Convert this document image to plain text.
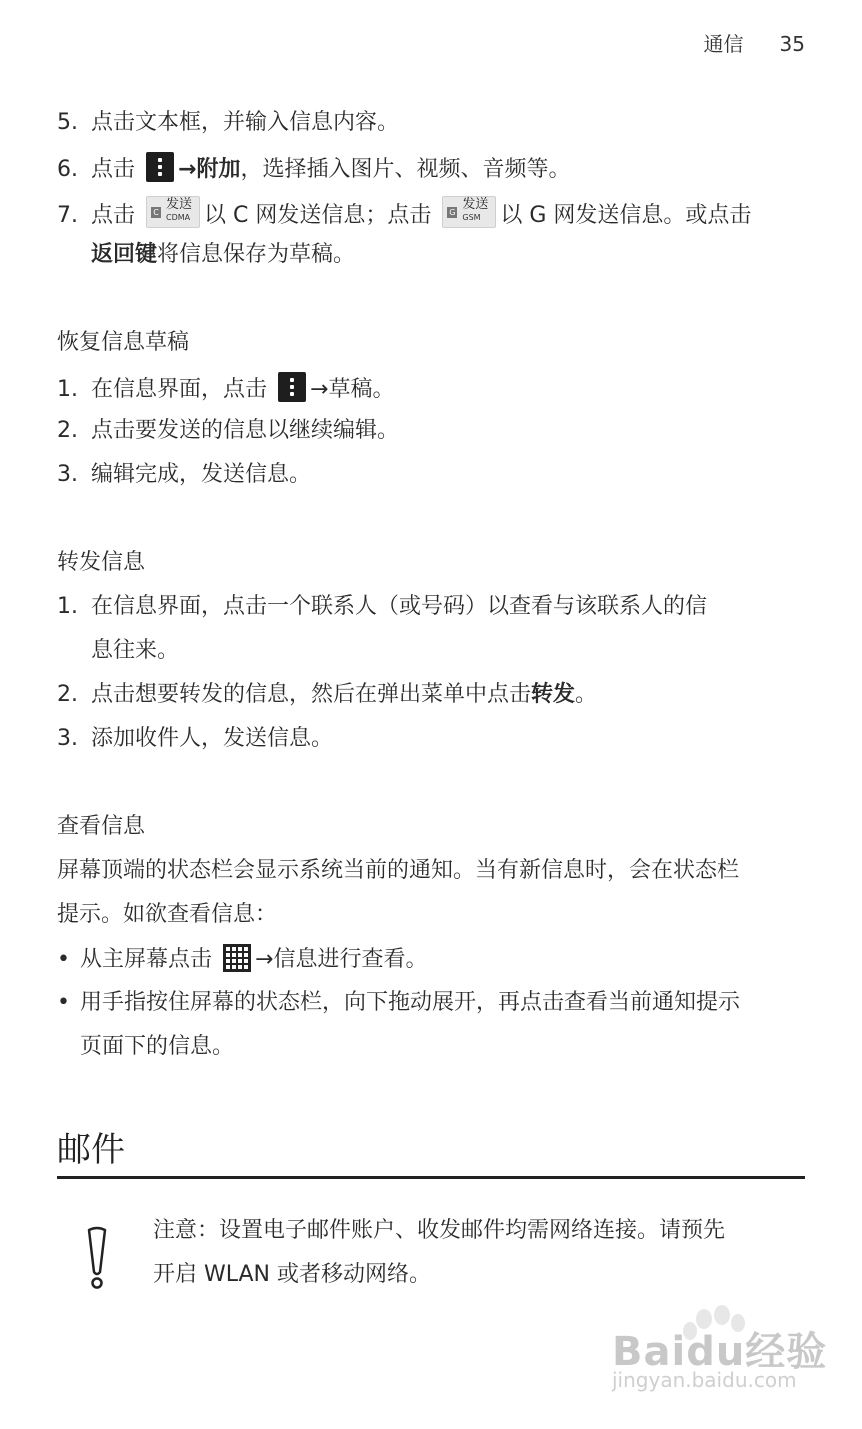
通信 35
5. 点击文本框，并输入信息内容。
6. 点击 →附加，选择插入图片、视频、音频等。
7. 点击 C
发送
CDMA 以 C 网发送信息；点击 G
发送
GSM 以 G 网发送信息。或点击
返回键将信息保存为草稿。
恢复信息草稿
1. 在信息界面，点击 →草稿。
2. 点击要发送的信息以继续编辑。
3. 编辑完成，发送信息。
转发信息
1. 在信息界面，点击一个联系人（或号码）以查看与该联系人的信
息往来。
2. 点击想要转发的信息，然后在弹出菜单中点击转发。
3. 添加收件人，发送信息。
查看信息
屏幕顶端的状态栏会显示系统当前的通知。当有新信息时，会在状态栏
提示。如欲查看信息：
• 从主屏幕点击 →信息进行查看。
• 用手指按住屏幕的状态栏，向下拖动展开，再点击查看当前通知提示
页面下的信息。
邮件
注意：设置电子邮件账户、收发邮件均需网络连接。请预先
开启 WLAN 或者移动网络。
Baidu经验
jingyan.baidu.com
